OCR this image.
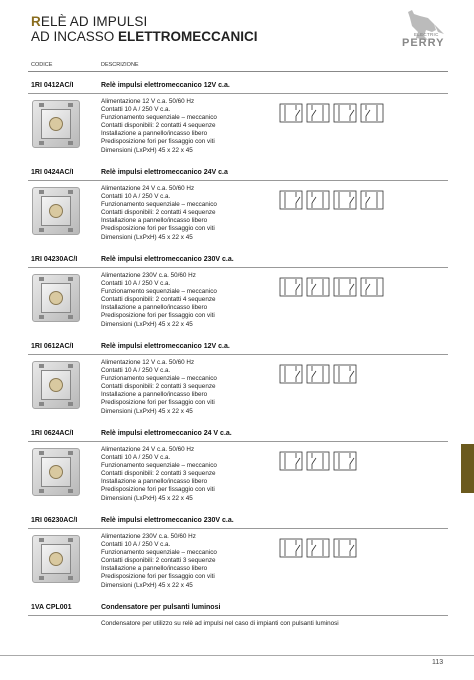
RELÈ AD IMPULSI
AD INCASSO ELETTROMECCANICI	ELECTRIC
PERRY
CODICE	DESCRIZIONE
1RI 0412AC/I	Relè impulsi elettromeccanico 12V c.a.
Alimentazione 12 V c.a. 50/60 Hz
Contatti 10 A / 250 V c.a.
Funzionamento sequenziale – meccanico
Contatti disponibili: 2 contatti 4 sequenze
Installazione a pannello/incasso libero
Predisposizione fori per fissaggio con viti
Dimensioni (LxPxH) 45 x 22 x 45
1RI 0424AC/I	Relè impulsi elettromeccanico 24V c.a
Alimentazione 24 V c.a. 50/60 Hz
Contatti 10 A / 250 V c.a.
Funzionamento sequenziale – meccanico
Contatti disponibili: 2 contatti 4 sequenze
Installazione a pannello/incasso libero
Predisposizione fori per fissaggio con viti
Dimensioni (LxPxH) 45 x 22 x 45
1RI 04230AC/I	Relè impulsi elettromeccanico 230V c.a.
Alimentazione 230V c.a. 50/60 Hz
Contatti 10 A / 250 V c.a.
Funzionamento sequenziale – meccanico
Contatti disponibili: 2 contatti 4 sequenze
Installazione a pannello/incasso libero
Predisposizione fori per fissaggio con viti
Dimensioni (LxPxH) 45 x 22 x 45
1RI 0612AC/I	Relè impulsi elettromeccanico 12V c.a.
Alimentazione 12 V c.a. 50/60 Hz
Contatti 10 A / 250 V c.a.
Funzionamento sequenziale – meccanico
Contatti disponibili: 2 contatti 3 sequenze
Installazione a pannello/incasso libero
Predisposizione fori per fissaggio con viti
Dimensioni (LxPxH) 45 x 22 x 45
1RI 0624AC/I	Relè impulsi elettromeccanico 24 V c.a.
Alimentazione 24 V c.a. 50/60 Hz
Contatti 10 A / 250 V c.a.
Funzionamento sequenziale – meccanico
Contatti disponibili: 2 contatti 3 sequenze
Installazione a pannello/incasso libero
Predisposizione fori per fissaggio con viti
Dimensioni (LxPxH) 45 x 22 x 45
1RI 06230AC/I	Relè impulsi elettromeccanico 230V c.a.
Alimentazione 230V c.a. 50/60 Hz
Contatti 10 A / 250 V c.a.
Funzionamento sequenziale – meccanico
Contatti disponibili: 2 contatti 3 sequenze
Installazione a pannello/incasso libero
Predisposizione fori per fissaggio con viti
Dimensioni (LxPxH) 45 x 22 x 45
1VA CPL001	Condensatore per pulsanti luminosi
Condensatore per utilizzo su relè ad impulsi nel caso di impianti con pulsanti luminosi
113
